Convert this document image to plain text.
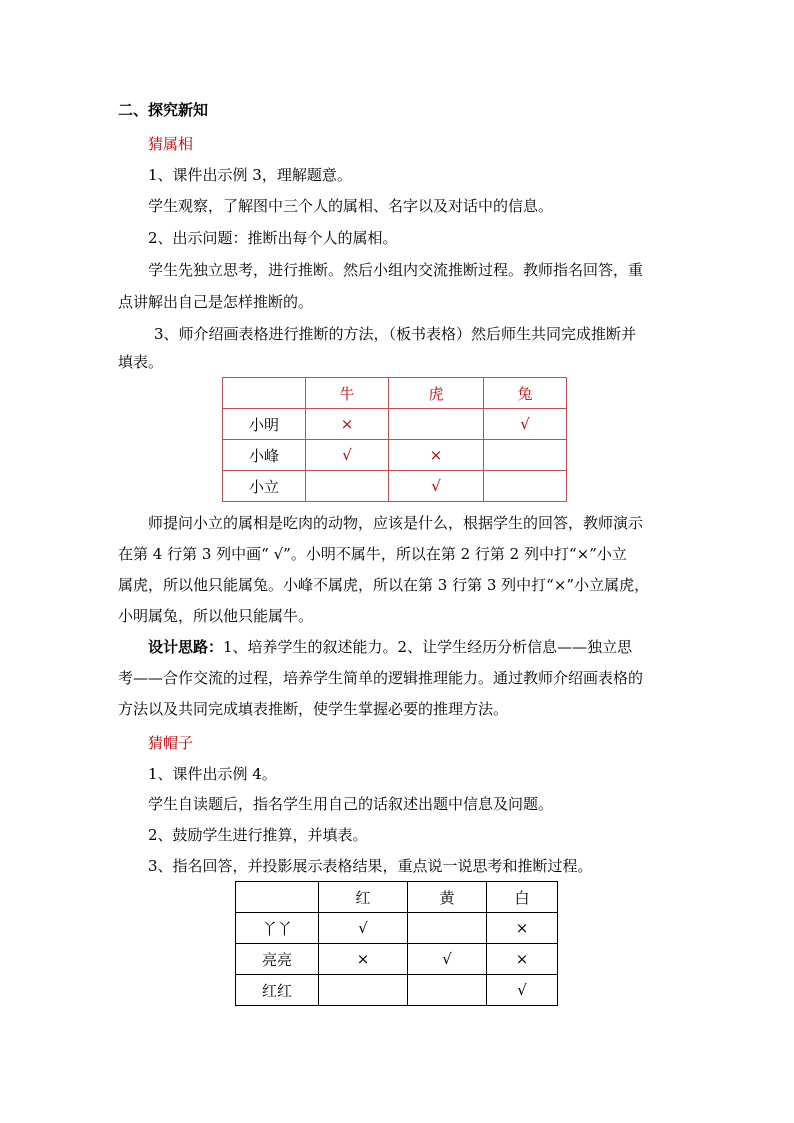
二、探究新知
猜属相
1、课件出示例 3，理解题意。
学生观察，了解图中三个人的属相、名字以及对话中的信息。
2、出示问题：推断出每个人的属相。
学生先独立思考，进行推断。然后小组内交流推断过程。教师指名回答，重
点讲解出自己是怎样推断的。
3、师介绍画表格进行推断的方法，（板书表格）然后师生共同完成推断并
填表。
	牛	虎	兔
小明	×		√
小峰	√	×	
小立		√	
师提问小立的属相是吃肉的动物，应该是什么，根据学生的回答，教师演示
在第 4 行第 3 列中画“ √”。小明不属牛，所以在第 2 行第 2 列中打“×”小立
属虎，所以他只能属兔。小峰不属虎，所以在第 3 行第 3 列中打“×”小立属虎，
小明属兔，所以他只能属牛。
设计思路：1、培养学生的叙述能力。2、让学生经历分析信息——独立思
考——合作交流的过程，培养学生简单的逻辑推理能力。通过教师介绍画表格的
方法以及共同完成填表推断，使学生掌握必要的推理方法。
猜帽子
1、课件出示例 4。
学生自读题后，指名学生用自己的话叙述出题中信息及问题。
2、鼓励学生进行推算，并填表。
3、指名回答，并投影展示表格结果，重点说一说思考和推断过程。
	红	黄	白
丫丫	√		×
亮亮	×	√	×
红红			√
